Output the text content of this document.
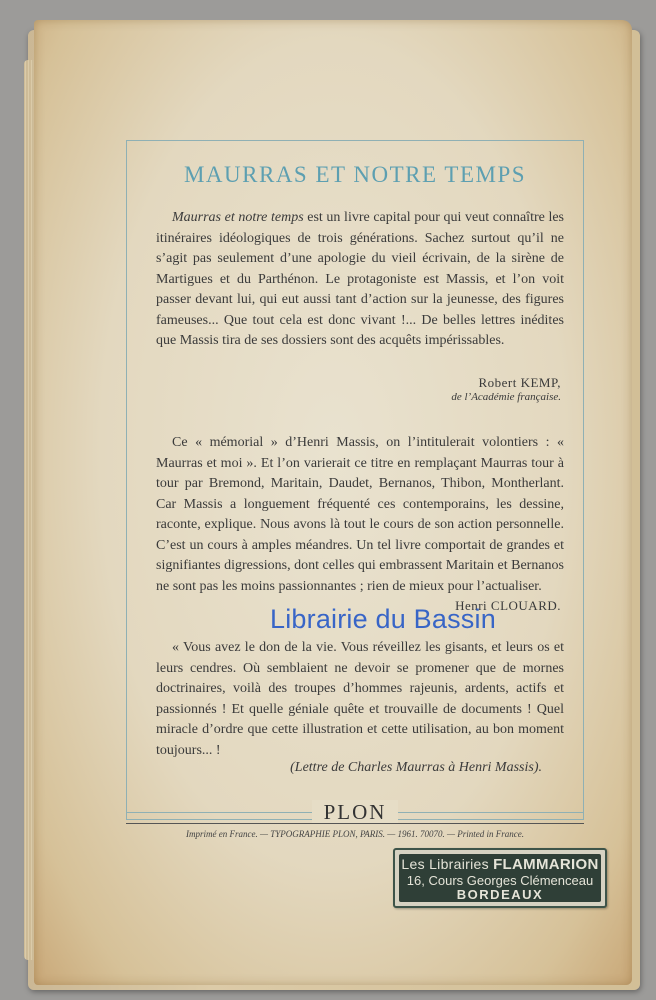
MAURRAS ET NOTRE TEMPS

Maurras et notre temps est un livre capital pour qui veut connaître les itinéraires idéologiques de trois générations. Sachez surtout qu’il ne s’agit pas seulement d’une apologie du vieil écrivain, de la sirène de Martigues et du Parthénon. Le protagoniste est Massis, et l’on voit passer devant lui, qui eut aussi tant d’action sur la jeunesse, des figures fameuses... Que tout cela est donc vivant !... De belles lettres inédites que Massis tira de ses dossiers sont des acquêts impérissables.

Robert KEMP,
de l’Académie française.

Ce « mémorial » d’Henri Massis, on l’intitulerait volontiers : « Maurras et moi ». Et l’on varierait ce titre en remplaçant Maurras tour à tour par Bremond, Maritain, Daudet, Bernanos, Thibon, Montherlant. Car Massis a longuement fréquenté ces contemporains, les dessine, raconte, explique. Nous avons là tout le cours de son action personnelle. C’est un cours à amples méandres. Un tel livre comportait de grandes et signifiantes digressions, dont celles qui embrassent Maritain et Bernanos ne sont pas les moins passionnantes ; rien de mieux pour l’actualiser.

Henri CLOUARD.

« Vous avez le don de la vie. Vous réveillez les gisants, et leurs os et leurs cendres. Où semblaient ne devoir se promener que de mornes doctrinaires, voilà des troupes d’hommes rajeunis, ardents, actifs et passionnés ! Et quelle géniale quête et trouvaille de documents ! Quel miracle d’ordre que cette illustration et cette utilisation, au bon moment toujours... !

(Lettre de Charles Maurras à Henri Massis).
PLON
Imprimé en France. — TYPOGRAPHIE PLON, PARIS. — 1961. 70070. — Printed in France.
Librairie du Bassin
Les Librairies FLAMMARION
16, Cours Georges Clémenceau
BORDEAUX
